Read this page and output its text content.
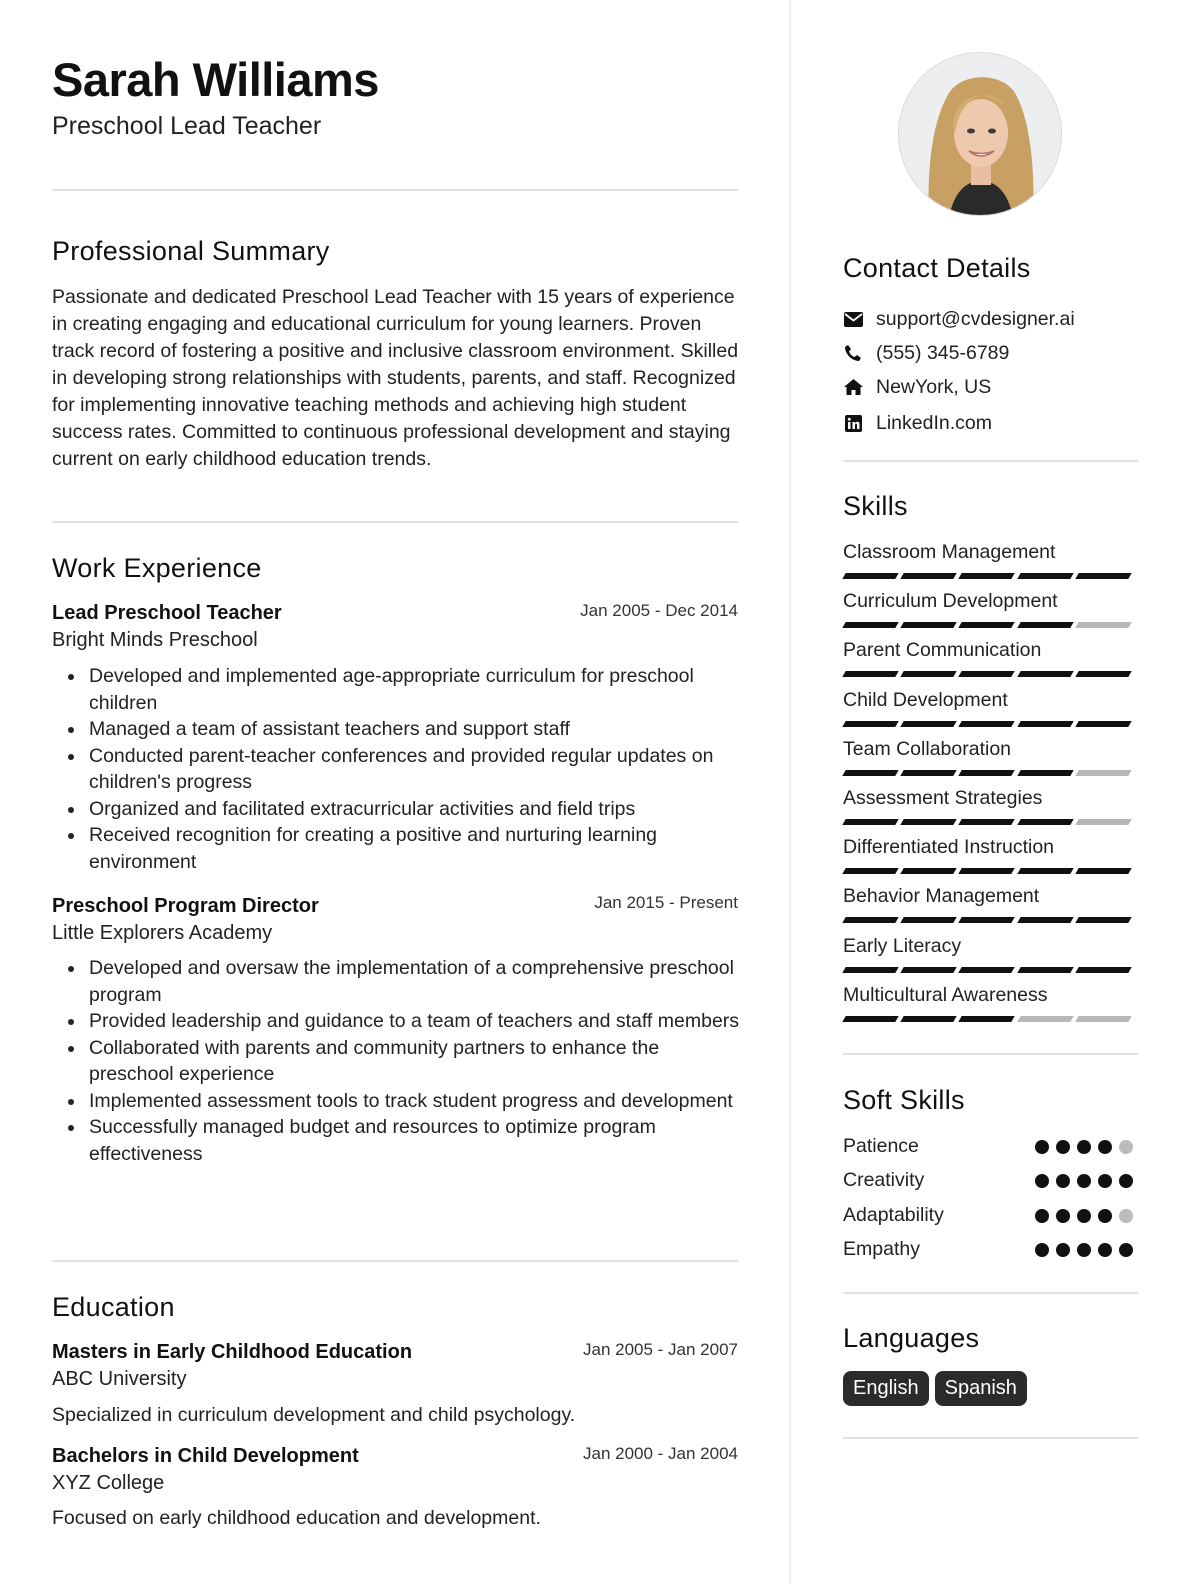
Sarah Williams
Preschool Lead Teacher
Professional Summary
Passionate and dedicated Preschool Lead Teacher with 15 years of experience in creating engaging and educational curriculum for young learners. Proven track record of fostering a positive and inclusive classroom environment. Skilled in developing strong relationships with students, parents, and staff. Recognized for implementing innovative teaching methods and achieving high student success rates. Committed to continuous professional development and staying current on early childhood education trends.
Work Experience
Lead Preschool Teacher	Jan 2005 - Dec 2014
Bright Minds Preschool
Developed and implemented age-appropriate curriculum for preschool children
Managed a team of assistant teachers and support staff
Conducted parent-teacher conferences and provided regular updates on children's progress
Organized and facilitated extracurricular activities and field trips
Received recognition for creating a positive and nurturing learning environment
Preschool Program Director	Jan 2015 - Present
Little Explorers Academy
Developed and oversaw the implementation of a comprehensive preschool program
Provided leadership and guidance to a team of teachers and staff members
Collaborated with parents and community partners to enhance the preschool experience
Implemented assessment tools to track student progress and development
Successfully managed budget and resources to optimize program effectiveness
Education
Masters in Early Childhood Education	Jan 2005 - Jan 2007
ABC University
Specialized in curriculum development and child psychology.
Bachelors in Child Development	Jan 2000 - Jan 2004
XYZ College
Focused on early childhood education and development.
Contact Details
support@cvdesigner.ai
(555) 345-6789
NewYork, US
LinkedIn.com
Skills
Classroom Management
Curriculum Development
Parent Communication
Child Development
Team Collaboration
Assessment Strategies
Differentiated Instruction
Behavior Management
Early Literacy
Multicultural Awareness
Soft Skills
Patience
Creativity
Adaptability
Empathy
Languages
English	Spanish
